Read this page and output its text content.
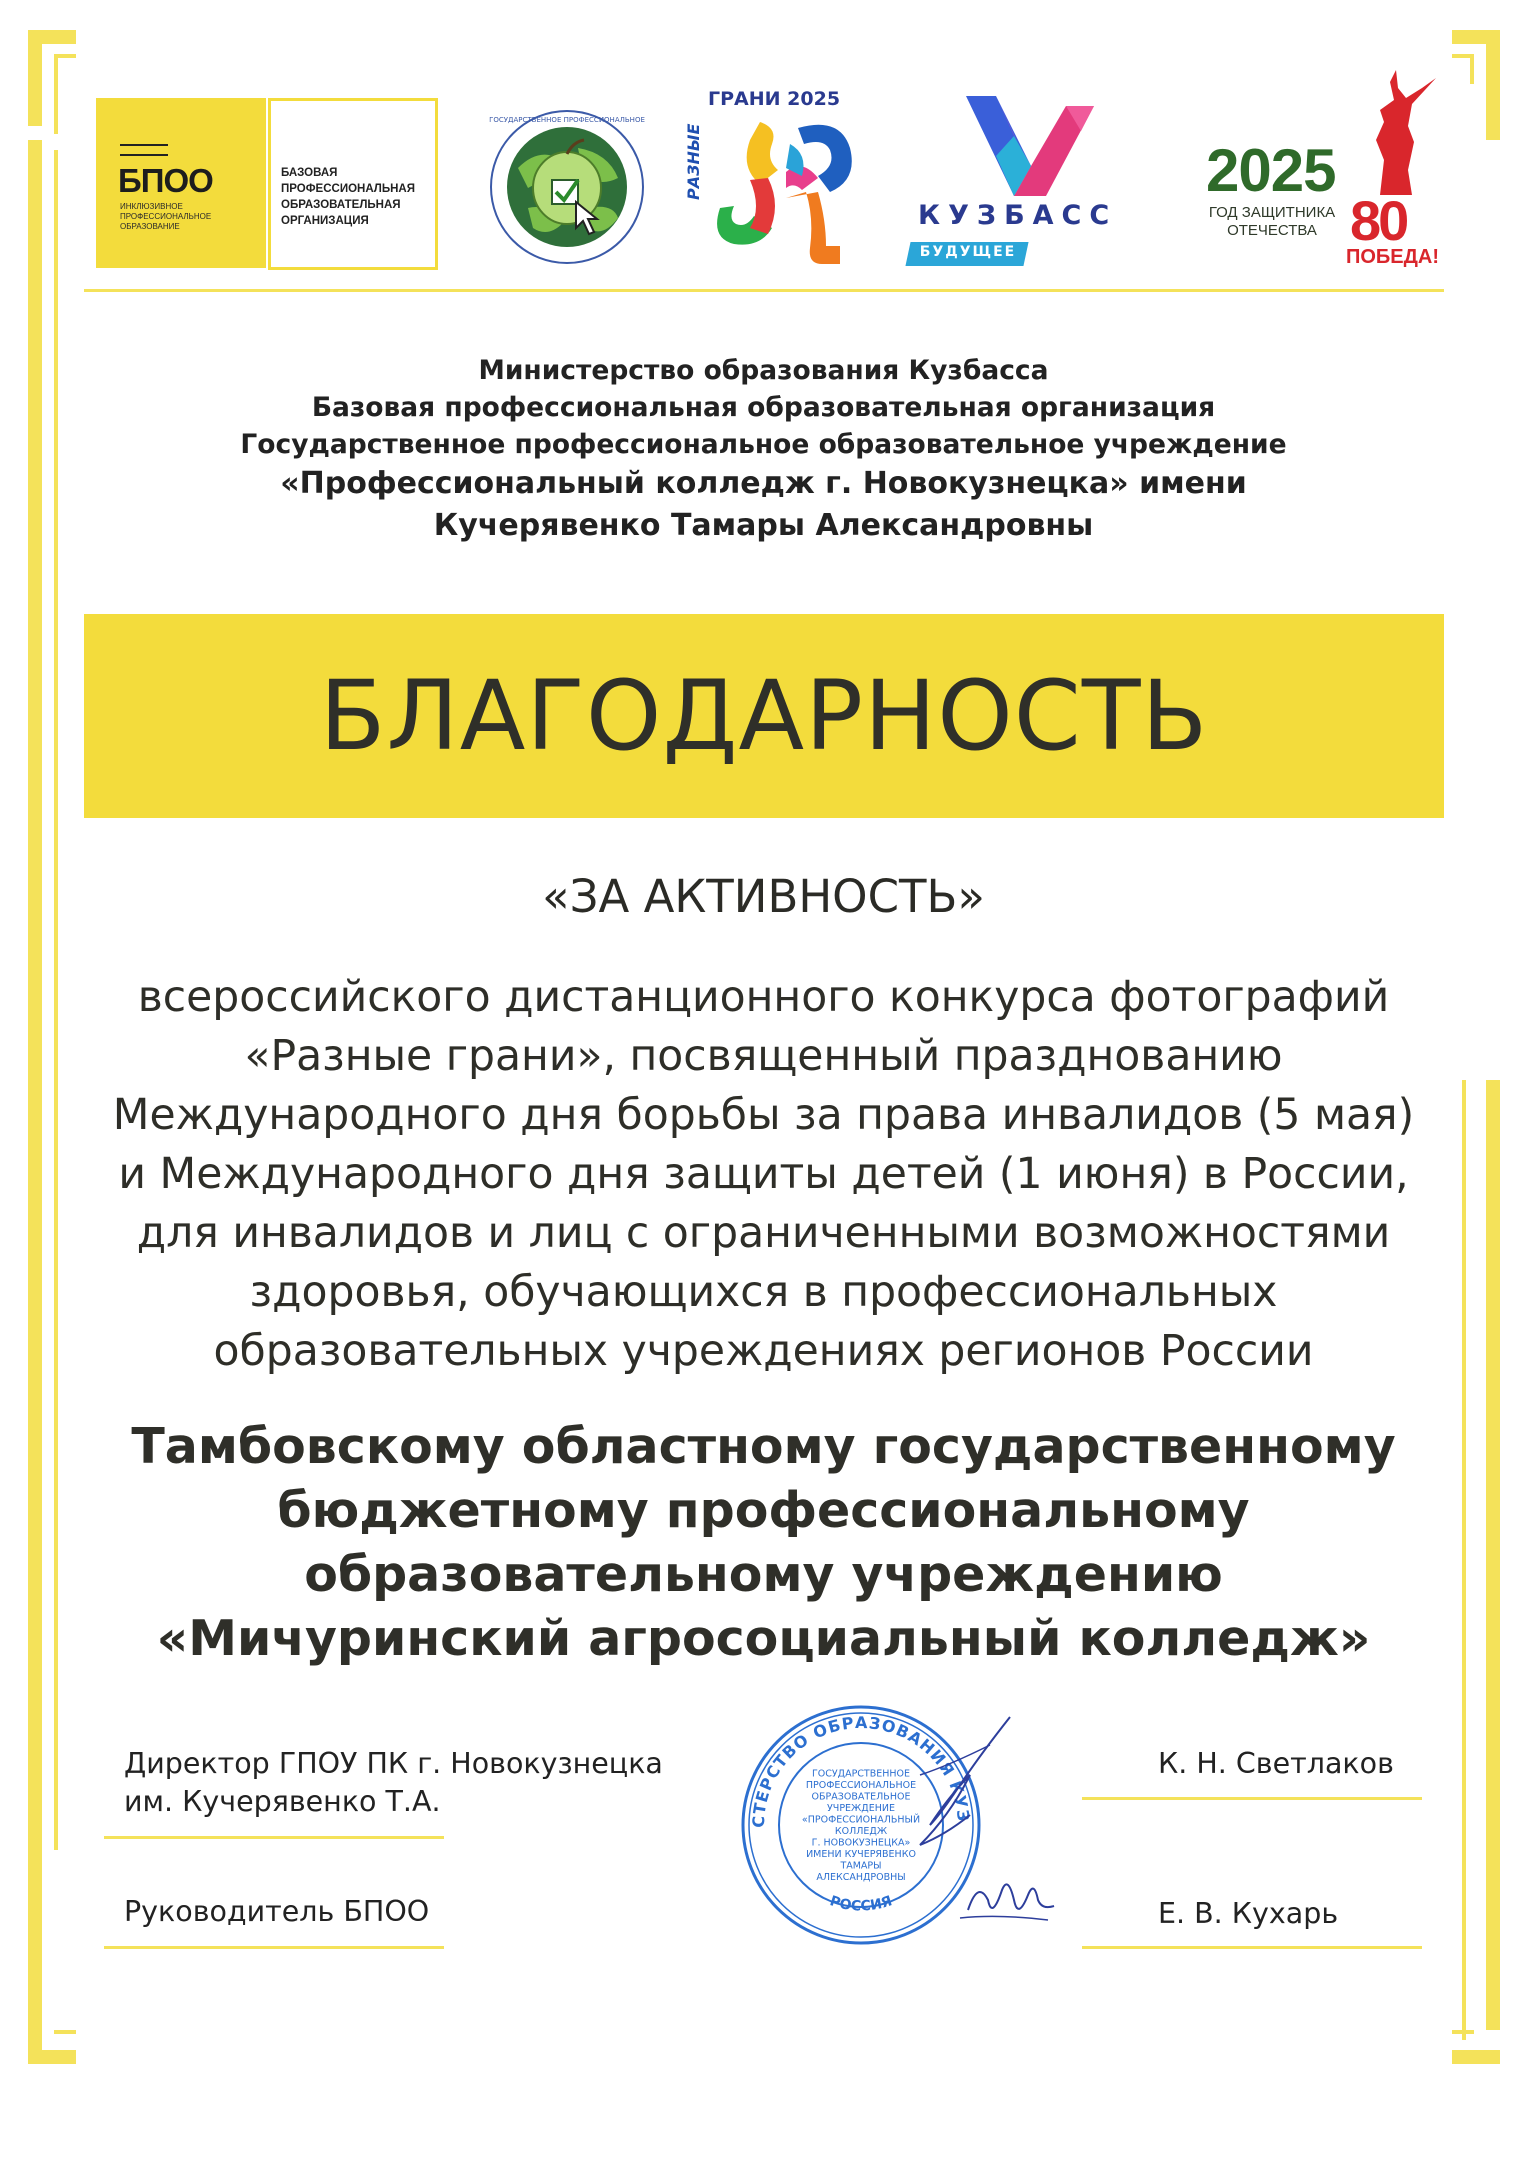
БПОО
ИНКЛЮЗИВНОЕ ПРОФЕССИОНАЛЬНОЕ ОБРАЗОВАНИЕ
БАЗОВАЯ ПРОФЕССИОНАЛЬНАЯ ОБРАЗОВАТЕЛЬНАЯ ОРГАНИЗАЦИЯ
ГОСУДАРСТВЕННОЕ ПРОФЕССИОНАЛЬНОЕ
ГРАНИ 2025
РАЗНЫЕ
КУЗБАСС
БУДУЩЕЕ
2025
ГОД ЗАЩИТНИКА
ОТЕЧЕСТВА 80
ПОБЕДА!
Министерство образования Кузбасса
Базовая профессиональная образовательная организация
Государственное профессиональное образовательное учреждение
«Профессиональный колледж г. Новокузнецка» имени
Кучерявенко Тамары Александровны
БЛАГОДАРНОСТЬ
«ЗА АКТИВНОСТЬ»
всероссийского дистанционного конкурса фотографий
«Разные грани», посвященный празднованию
Международного дня борьбы за права инвалидов (5 мая)
и Международного дня защиты детей (1 июня) в России,
для инвалидов и лиц с ограниченными возможностями
здоровья, обучающихся в профессиональных
образовательных учреждениях регионов России
Тамбовскому областному государственному
бюджетному профессиональному
образовательному учреждению
«Мичуринский агросоциальный колледж»
Директор ГПОУ ПК г. Новокузнецка
им. Кучерявенко Т.А.
К. Н. Светлаков
Руководитель БПОО	Е. В. Кухарь
СТЕРСТВО ОБРАЗОВАНИЯ КУЗ
РОССИЯ
ГОСУДАРСТВЕННОЕ
ПРОФЕССИОНАЛЬНОЕ
ОБРАЗОВАТЕЛЬНОЕ
УЧРЕЖДЕНИЕ
«ПРОФЕССИОНАЛЬНЫЙ
КОЛЛЕДЖ
Г. НОВОКУЗНЕЦКА»
ИМЕНИ КУЧЕРЯВЕНКО
ТАМАРЫ
АЛЕКСАНДРОВНЫ
